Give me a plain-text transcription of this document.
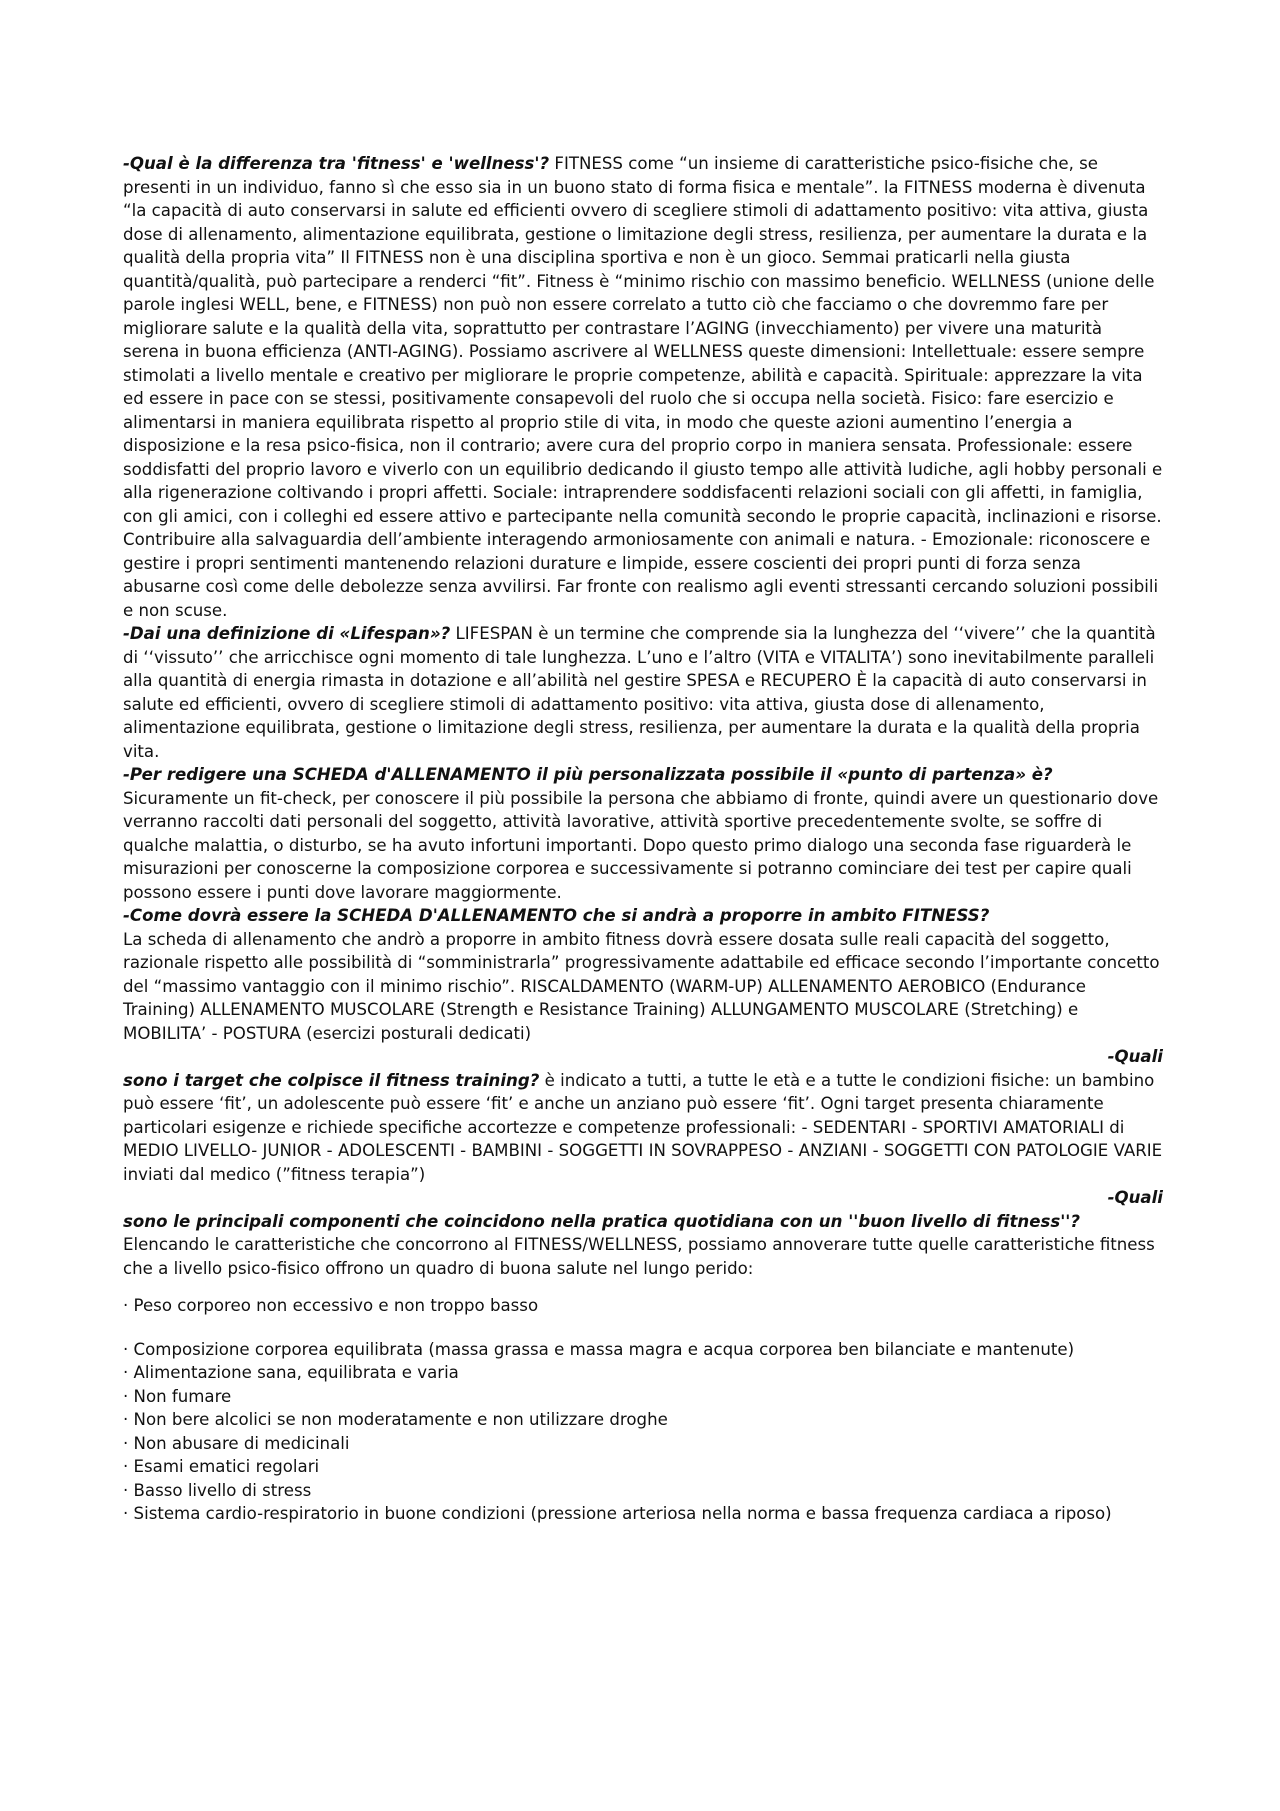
-Qual è la differenza tra 'fitness' e 'wellness'? FITNESS come “un insieme di caratteristiche psico-fisiche che, se presenti in un individuo, fanno sì che esso sia in un buono stato di forma fisica e mentale”. la FITNESS moderna è divenuta “la capacità di auto conservarsi in salute ed efficienti ovvero di scegliere stimoli di adattamento positivo: vita attiva, giusta dose di allenamento, alimentazione equilibrata, gestione o limitazione degli stress, resilienza, per aumentare la durata e la qualità della propria vita” Il FITNESS non è una disciplina sportiva e non è un gioco. Semmai praticarli nella giusta quantità/qualità, può partecipare a renderci “fit”. Fitness è “minimo rischio con massimo beneficio. WELLNESS (unione delle parole inglesi WELL, bene, e FITNESS) non può non essere correlato a tutto ciò che facciamo o che dovremmo fare per migliorare salute e la qualità della vita, soprattutto per contrastare l’AGING (invecchiamento) per vivere una maturità serena in buona efficienza (ANTI-AGING). Possiamo ascrivere al WELLNESS queste dimensioni: Intellettuale: essere sempre stimolati a livello mentale e creativo per migliorare le proprie competenze, abilità e capacità. Spirituale: apprezzare la vita ed essere in pace con se stessi, positivamente consapevoli del ruolo che si occupa nella società. Fisico: fare esercizio e alimentarsi in maniera equilibrata rispetto al proprio stile di vita, in modo che queste azioni aumentino l’energia a disposizione e la resa psico-fisica, non il contrario; avere cura del proprio corpo in maniera sensata. Professionale: essere soddisfatti del proprio lavoro e viverlo con un equilibrio dedicando il giusto tempo alle attività ludiche, agli hobby personali e alla rigenerazione coltivando i propri affetti. Sociale: intraprendere soddisfacenti relazioni sociali con gli affetti, in famiglia, con gli amici, con i colleghi ed essere attivo e partecipante nella comunità secondo le proprie capacità, inclinazioni e risorse. Contribuire alla salvaguardia dell’ambiente interagendo armoniosamente con animali e natura. - Emozionale: riconoscere e gestire i propri sentimenti mantenendo relazioni durature e limpide, essere coscienti dei propri punti di forza senza abusarne così come delle debolezze senza avvilirsi. Far fronte con realismo agli eventi stressanti cercando soluzioni possibili e non scuse.

-Dai una definizione di «Lifespan»? LIFESPAN è un termine che comprende sia la lunghezza del ‘‘vivere’’ che la quantità di ‘‘vissuto’’ che arricchisce ogni momento di tale lunghezza. L’uno e l’altro (VITA e VITALITA’) sono inevitabilmente paralleli alla quantità di energia rimasta in dotazione e all’abilità nel gestire SPESA e RECUPERO È la capacità di auto conservarsi in salute ed efficienti, ovvero di scegliere stimoli di adattamento positivo: vita attiva, giusta dose di allenamento, alimentazione equilibrata, gestione o limitazione degli stress, resilienza, per aumentare la durata e la qualità della propria vita.

-Per redigere una SCHEDA d'ALLENAMENTO il più personalizzata possibile il «punto di partenza» è? Sicuramente un fit-check, per conoscere il più possibile la persona che abbiamo di fronte, quindi avere un questionario dove verranno raccolti dati personali del soggetto, attività lavorative, attività sportive precedentemente svolte, se soffre di qualche malattia, o disturbo, se ha avuto infortuni importanti. Dopo questo primo dialogo una seconda fase riguarderà le misurazioni per conoscerne la composizione corporea e successivamente si potranno cominciare dei test per capire quali possono essere i punti dove lavorare maggiormente.

-Come dovrà essere la SCHEDA D'ALLENAMENTO che si andrà a proporre in ambito FITNESS?
La scheda di allenamento che andrò a proporre in ambito fitness dovrà essere dosata sulle reali capacità del soggetto, razionale rispetto alle possibilità di “somministrarla” progressivamente adattabile ed efficace secondo l’importante concetto del “massimo vantaggio con il minimo rischio”. RISCALDAMENTO (WARM-UP) ALLENAMENTO AEROBICO (Endurance Training) ALLENAMENTO MUSCOLARE (Strength e Resistance Training) ALLUNGAMENTO MUSCOLARE (Stretching) e MOBILITA’ - POSTURA (esercizi posturali dedicati)

-Quali
sono i target che colpisce il fitness training? è indicato a tutti, a tutte le età e a tutte le condizioni fisiche: un bambino può essere ‘fit’, un adolescente può essere ‘fit’ e anche un anziano può essere ‘fit’. Ogni target presenta chiaramente particolari esigenze e richiede specifiche accortezze e competenze professionali: - SEDENTARI - SPORTIVI AMATORIALI di MEDIO LIVELLO- JUNIOR - ADOLESCENTI - BAMBINI - SOGGETTI IN SOVRAPPESO - ANZIANI - SOGGETTI CON PATOLOGIE VARIE inviati dal medico (”fitness terapia”)

-Quali
sono le principali componenti che coincidono nella pratica quotidiana con un ''buon livello di fitness''? Elencando le caratteristiche che concorrono al FITNESS/WELLNESS, possiamo annoverare tutte quelle caratteristiche fitness che a livello psico-fisico offrono un quadro di buona salute nel lungo perido:

· Peso corporeo non eccessivo e non troppo basso

· Composizione corporea equilibrata (massa grassa e massa magra e acqua corporea ben bilanciate e mantenute)

· Alimentazione sana, equilibrata e varia

· Non fumare

· Non bere alcolici se non moderatamente e non utilizzare droghe

· Non abusare di medicinali

· Esami ematici regolari

· Basso livello di stress

· Sistema cardio-respiratorio in buone condizioni (pressione arteriosa nella norma e bassa frequenza cardiaca a riposo)
